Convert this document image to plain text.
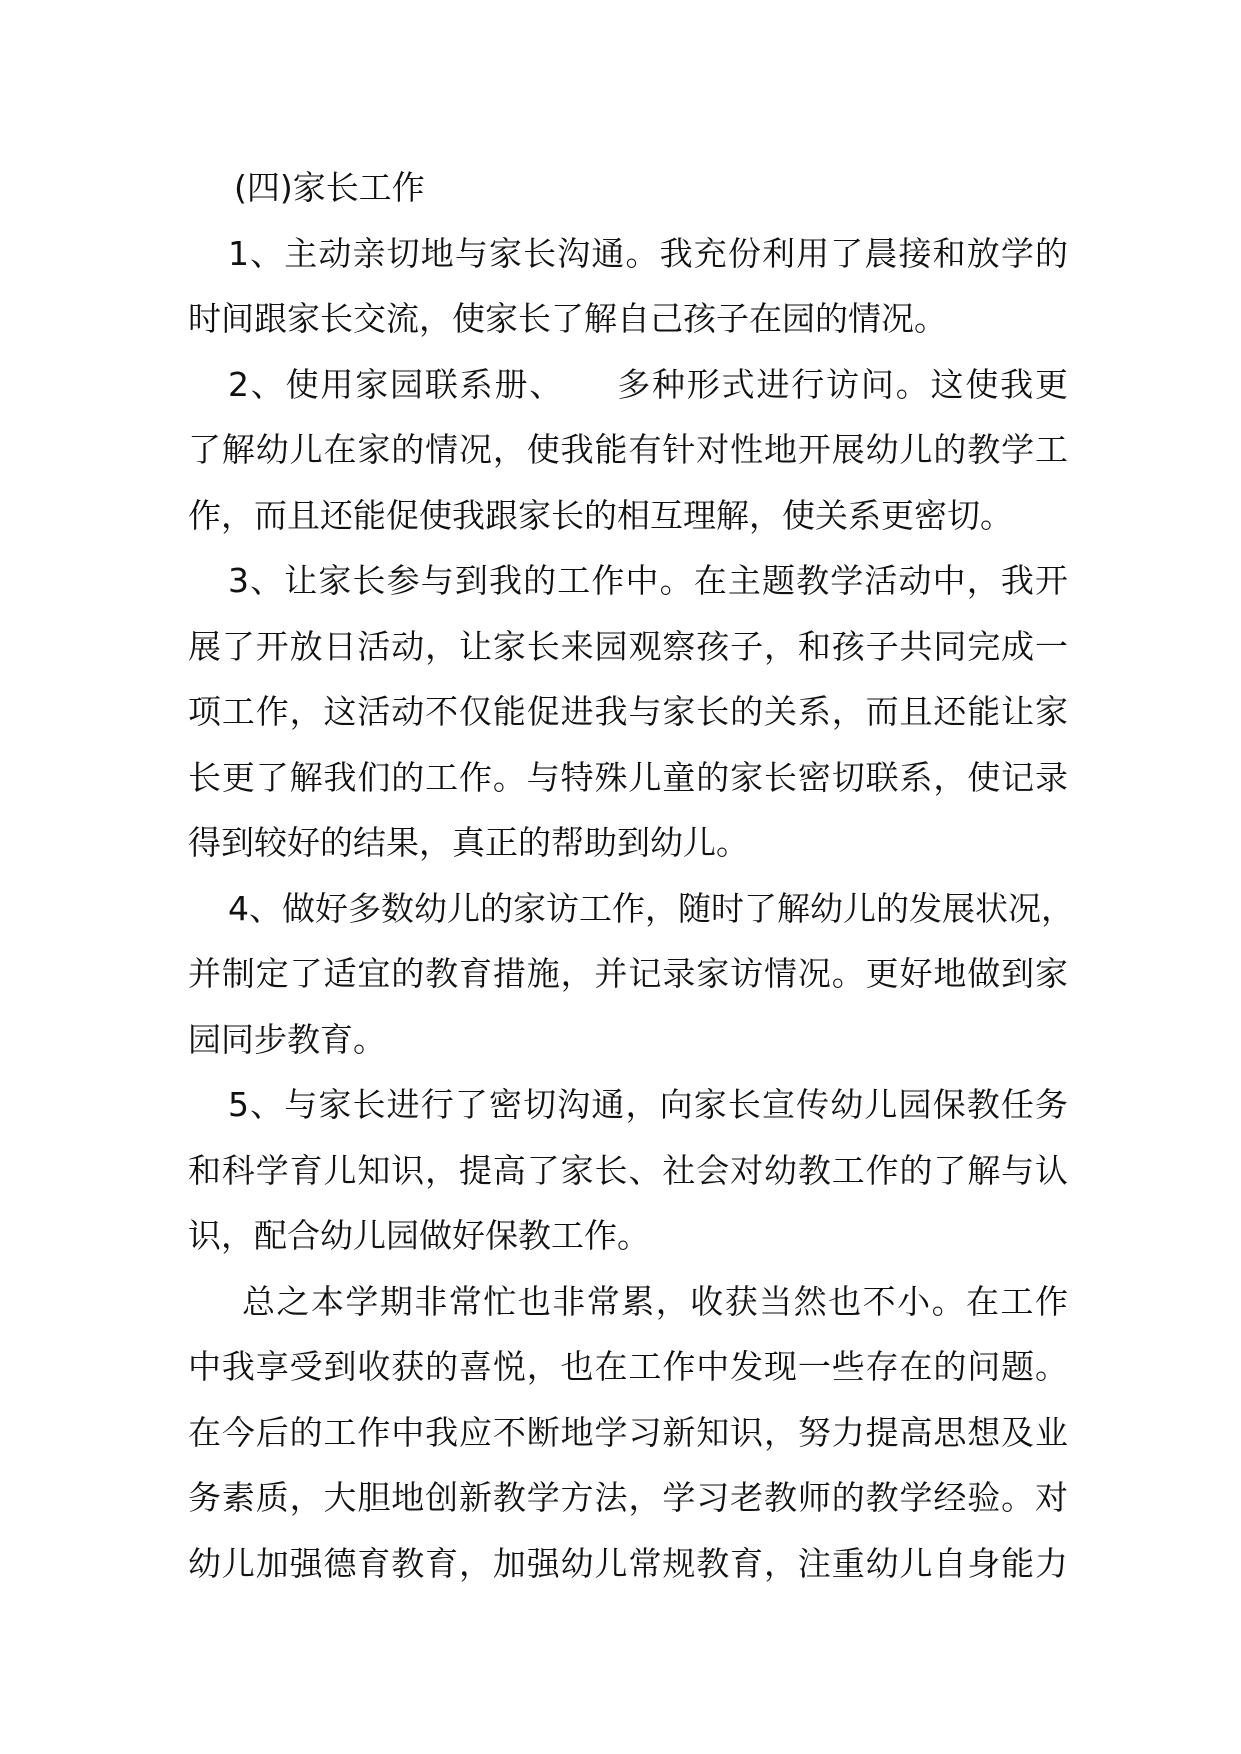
(四)家长工作
1、主动亲切地与家长沟通。我充份利用了晨接和放学的
时间跟家长交流，使家长了解自己孩子在园的情况。
2、使用家园联系册、　　多种形式进行访问。这使我更
了解幼儿在家的情况，使我能有针对性地开展幼儿的教学工
作，而且还能促使我跟家长的相互理解，使关系更密切。
3、让家长参与到我的工作中。在主题教学活动中，我开
展了开放日活动，让家长来园观察孩子，和孩子共同完成一
项工作，这活动不仅能促进我与家长的关系，而且还能让家
长更了解我们的工作。与特殊儿童的家长密切联系，使记录
得到较好的结果，真正的帮助到幼儿。
4、做好多数幼儿的家访工作，随时了解幼儿的发展状况，
并制定了适宜的教育措施，并记录家访情况。更好地做到家
园同步教育。
5、与家长进行了密切沟通，向家长宣传幼儿园保教任务
和科学育儿知识，提高了家长、社会对幼教工作的了解与认
识，配合幼儿园做好保教工作。
总之本学期非常忙也非常累，收获当然也不小。在工作
中我享受到收获的喜悦，也在工作中发现一些存在的问题。
在今后的工作中我应不断地学习新知识，努力提高思想及业
务素质，大胆地创新教学方法，学习老教师的教学经验。对
幼儿加强德育教育，加强幼儿常规教育，注重幼儿自身能力
